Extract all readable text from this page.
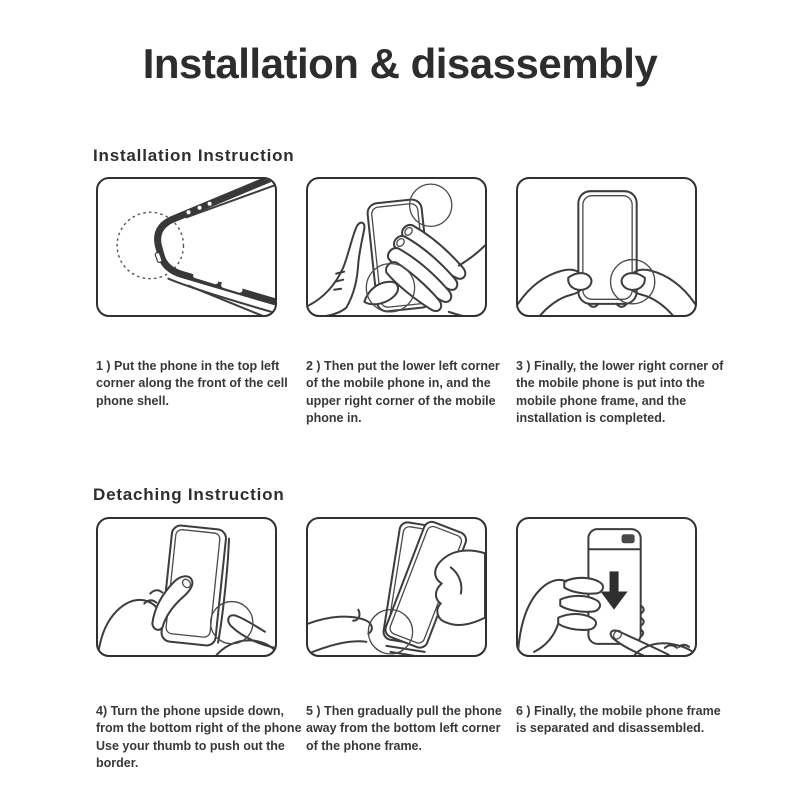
Installation & disassembly
Installation Instruction

1 ) Put the phone in the top left corner along the front of the cell phone shell.

2 ) Then put the lower left corner of the mobile phone in, and the upper right corner of the mobile phone in.

3 ) Finally, the lower right corner of the mobile phone is put into the mobile phone frame, and the installation is completed.

Detaching Instruction

4) Turn the phone upside down, from the bottom right of the phone Use your thumb to push out the border.

5 ) Then gradually pull the phone away from the bottom left corner of the phone frame.

6 ) Finally, the mobile phone frame is separated and disassembled.
